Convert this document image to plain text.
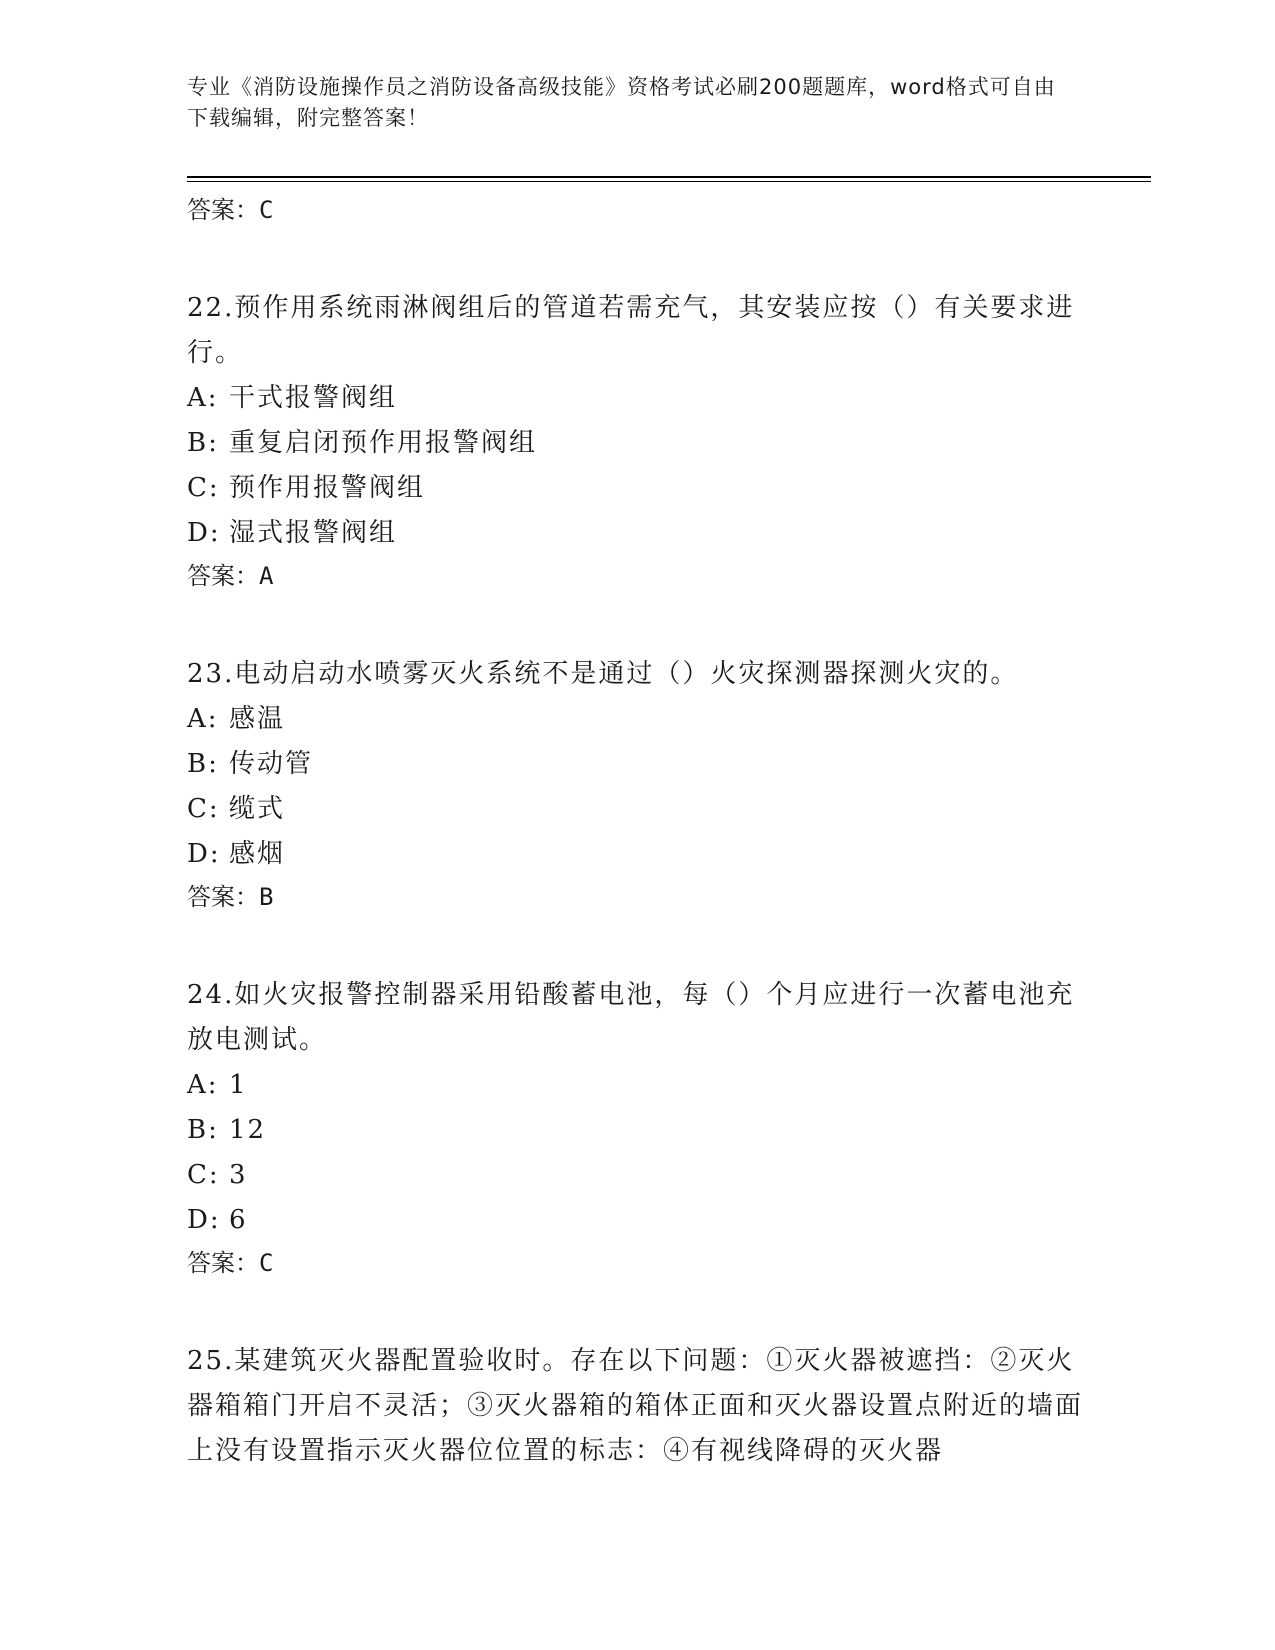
专业《消防设施操作员之消防设备高级技能》资格考试必刷200题题库，word格式可自由下载编辑，附完整答案！

答案：C

22.预作用系统雨淋阀组后的管道若需充气，其安装应按（）有关要求进行。

A: 干式报警阀组
B: 重复启闭预作用报警阀组
C: 预作用报警阀组
D: 湿式报警阀组

答案：A

23.电动启动水喷雾灭火系统不是通过（）火灾探测器探测火灾的。

A: 感温
B: 传动管
C: 缆式
D: 感烟

答案：B

24.如火灾报警控制器采用铅酸蓄电池，每（）个月应进行一次蓄电池充放电测试。

A: 1
B: 12
C: 3
D: 6

答案：C

25.某建筑灭火器配置验收时。存在以下问题：①灭火器被遮挡：②灭火器箱箱门开启不灵活；③灭火器箱的箱体正面和灭火器设置点附近的墙面上没有设置指示灭火器位位置的标志：④有视线降碍的灭火器
